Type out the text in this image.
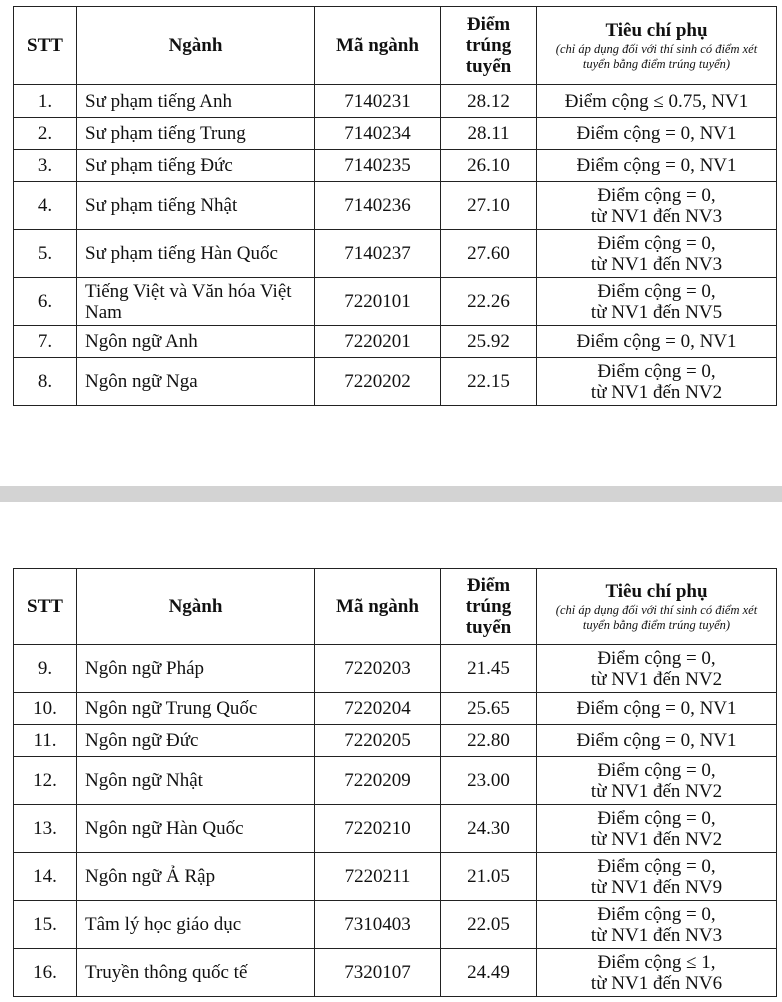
STT	Ngành	Mã ngành	Điểm trúng tuyển	Tiêu chí phụ
(chỉ áp dụng đối với thí sinh có điểm xét tuyển bằng điểm trúng tuyển)

1.	Sư phạm tiếng Anh	7140231	28.12	Điểm cộng ≤ 0.75, NV1
2.	Sư phạm tiếng Trung	7140234	28.11	Điểm cộng = 0, NV1
3.	Sư phạm tiếng Đức	7140235	26.10	Điểm cộng = 0, NV1
4.	Sư phạm tiếng Nhật	7140236	27.10	Điểm cộng = 0,
từ NV1 đến NV3
5.	Sư phạm tiếng Hàn Quốc	7140237	27.60	Điểm cộng = 0,
từ NV1 đến NV3
6.	Tiếng Việt và Văn hóa Việt Nam	7220101	22.26	Điểm cộng = 0,
từ NV1 đến NV5
7.	Ngôn ngữ Anh	7220201	25.92	Điểm cộng = 0, NV1
8.	Ngôn ngữ Nga	7220202	22.15	Điểm cộng = 0,
từ NV1 đến NV2
STT	Ngành	Mã ngành	Điểm trúng tuyển	Tiêu chí phụ
(chỉ áp dụng đối với thí sinh có điểm xét tuyển bằng điểm trúng tuyển)

9.	Ngôn ngữ Pháp	7220203	21.45	Điểm cộng = 0,
từ NV1 đến NV2
10.	Ngôn ngữ Trung Quốc	7220204	25.65	Điểm cộng = 0, NV1
11.	Ngôn ngữ Đức	7220205	22.80	Điểm cộng = 0, NV1
12.	Ngôn ngữ Nhật	7220209	23.00	Điểm cộng = 0,
từ NV1 đến NV2
13.	Ngôn ngữ Hàn Quốc	7220210	24.30	Điểm cộng = 0,
từ NV1 đến NV2
14.	Ngôn ngữ Ả Rập	7220211	21.05	Điểm cộng = 0,
từ NV1 đến NV9
15.	Tâm lý học giáo dục	7310403	22.05	Điểm cộng = 0,
từ NV1 đến NV3
16.	Truyền thông quốc tế	7320107	24.49	Điểm cộng ≤ 1,
từ NV1 đến NV6
